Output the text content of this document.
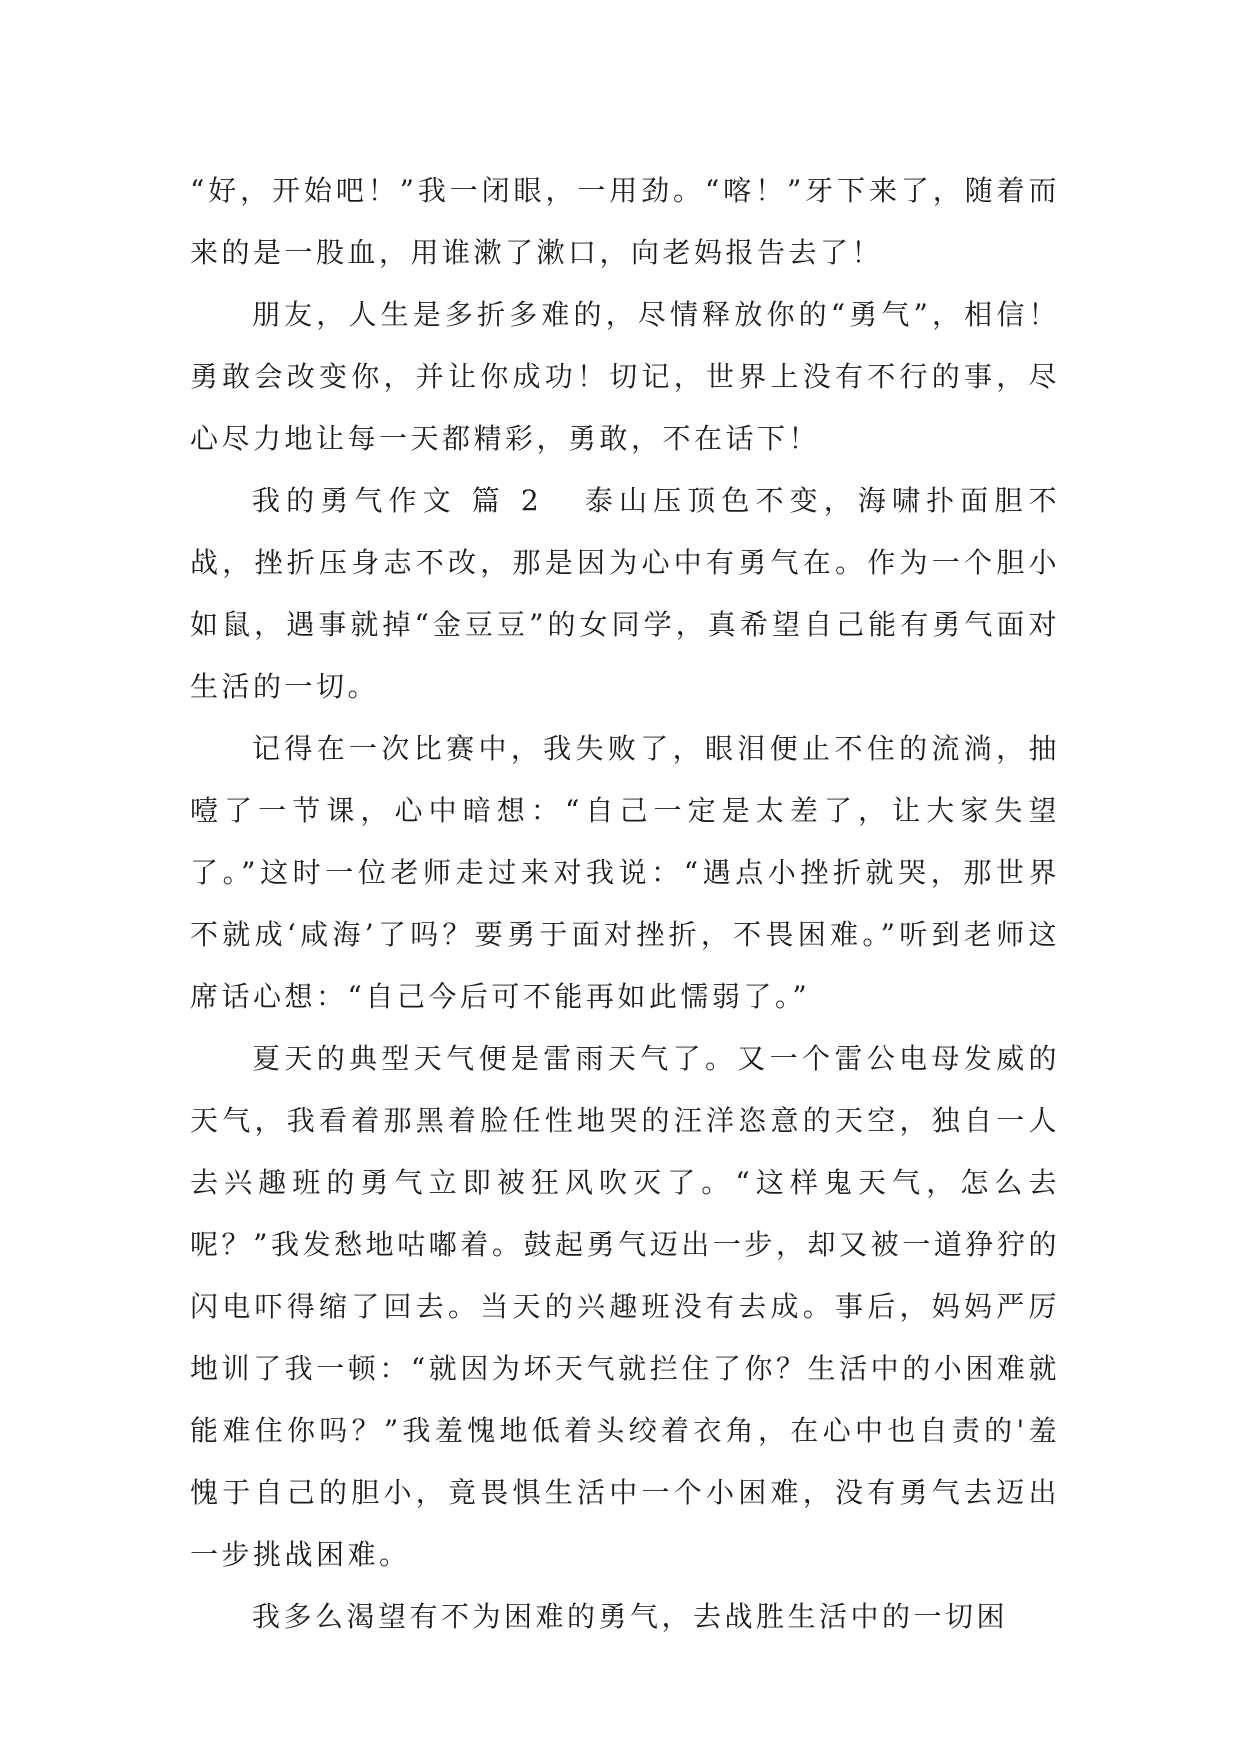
“好，开始吧！”我一闭眼，一用劲。“喀！”牙下来了，随着而来的是一股血，用谁漱了漱口，向老妈报告去了！

朋友，人生是多折多难的，尽情释放你的“勇气”，相信！勇敢会改变你，并让你成功！切记，世界上没有不行的事，尽心尽力地让每一天都精彩，勇敢，不在话下！

我的勇气作文 篇 2 泰山压顶色不变，海啸扑面胆不战，挫折压身志不改，那是因为心中有勇气在。作为一个胆小如鼠，遇事就掉“金豆豆”的女同学，真希望自己能有勇气面对生活的一切。

记得在一次比赛中，我失败了，眼泪便止不住的流淌，抽噎了一节课，心中暗想：“自己一定是太差了，让大家失望了。”这时一位老师走过来对我说：“遇点小挫折就哭，那世界不就成‘咸海’了吗？要勇于面对挫折，不畏困难。”听到老师这席话心想：“自己今后可不能再如此懦弱了。”

夏天的典型天气便是雷雨天气了。又一个雷公电母发威的天气，我看着那黑着脸任性地哭的汪洋恣意的天空，独自一人去兴趣班的勇气立即被狂风吹灭了。“这样鬼天气，怎么去呢？”我发愁地咕嘟着。鼓起勇气迈出一步，却又被一道狰狞的闪电吓得缩了回去。当天的兴趣班没有去成。事后，妈妈严厉地训了我一顿：“就因为坏天气就拦住了你？生活中的小困难就能难住你吗？”我羞愧地低着头绞着衣角，在心中也自责的'羞愧于自己的胆小，竟畏惧生活中一个小困难，没有勇气去迈出一步挑战困难。

我多么渴望有不为困难的勇气，去战胜生活中的一切困
